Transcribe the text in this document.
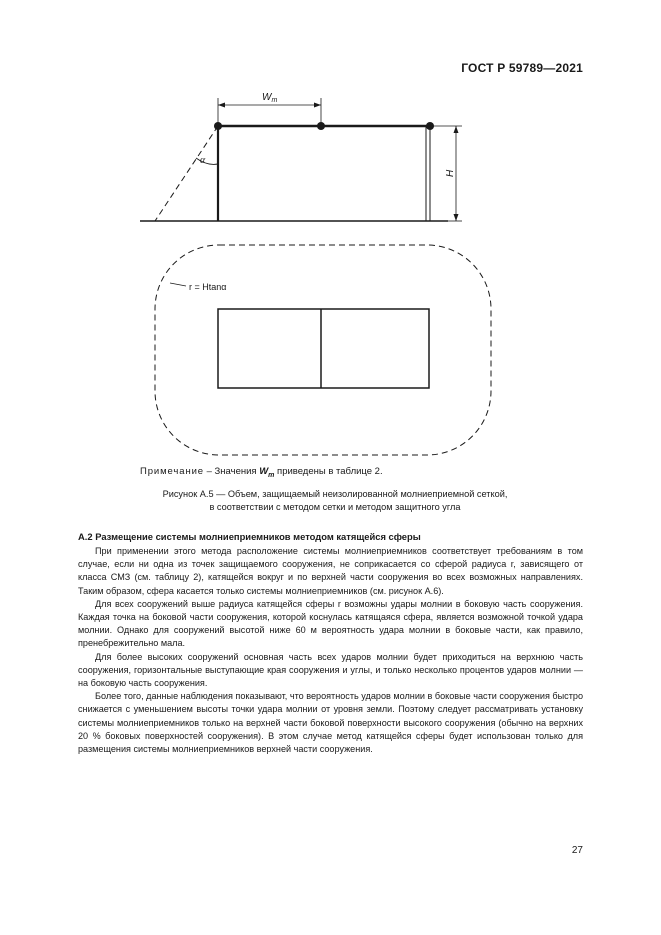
ГОСТ Р 59789—2021
$W_m$
α
H
r = Htanα
Примечание – Значения $W_m$ приведены в таблице 2.
Рисунок А.5 — Объем, защищаемый неизолированной молниеприемной сеткой,
в соответствии с методом сетки и методом защитного угла
А.2 Размещение системы молниеприемников методом катящейся сферы

При применении этого метода расположение системы молниеприемников соответствует требованиям в том случае, если ни одна из точек защищаемого сооружения, не соприкасается со сферой радиуса r, зависящего от класса СМЗ (см. таблицу 2), катящейся вокруг и по верхней части сооружения во всех возможных направлениях. Таким образом, сфера касается только системы молниеприемников (см. рисунок А.6).

Для всех сооружений выше радиуса катящейся сферы r возможны удары молнии в боковую часть сооружения. Каждая точка на боковой части сооружения, которой коснулась катящаяся сфера, является возможной точкой удара молнии. Однако для сооружений высотой ниже 60 м вероятность удара молнии в боковые части, как правило, пренебрежительно мала.

Для более высоких сооружений основная часть всех ударов молнии будет приходиться на верхнюю часть сооружения, горизонтальные выступающие края сооружения и углы, и только несколько процентов ударов молнии — на боковую часть сооружения.

Более того, данные наблюдения показывают, что вероятность ударов молнии в боковые части сооружения быстро снижается с уменьшением высоты точки удара молнии от уровня земли. Поэтому следует рассматривать установку системы молниеприемников только на верхней части боковой поверхности высокого сооружения (обычно на верхних 20 % боковых поверхностей сооружения). В этом случае метод катящейся сферы будет использован только для размещения системы молниеприемников верхней части сооружения.

27
